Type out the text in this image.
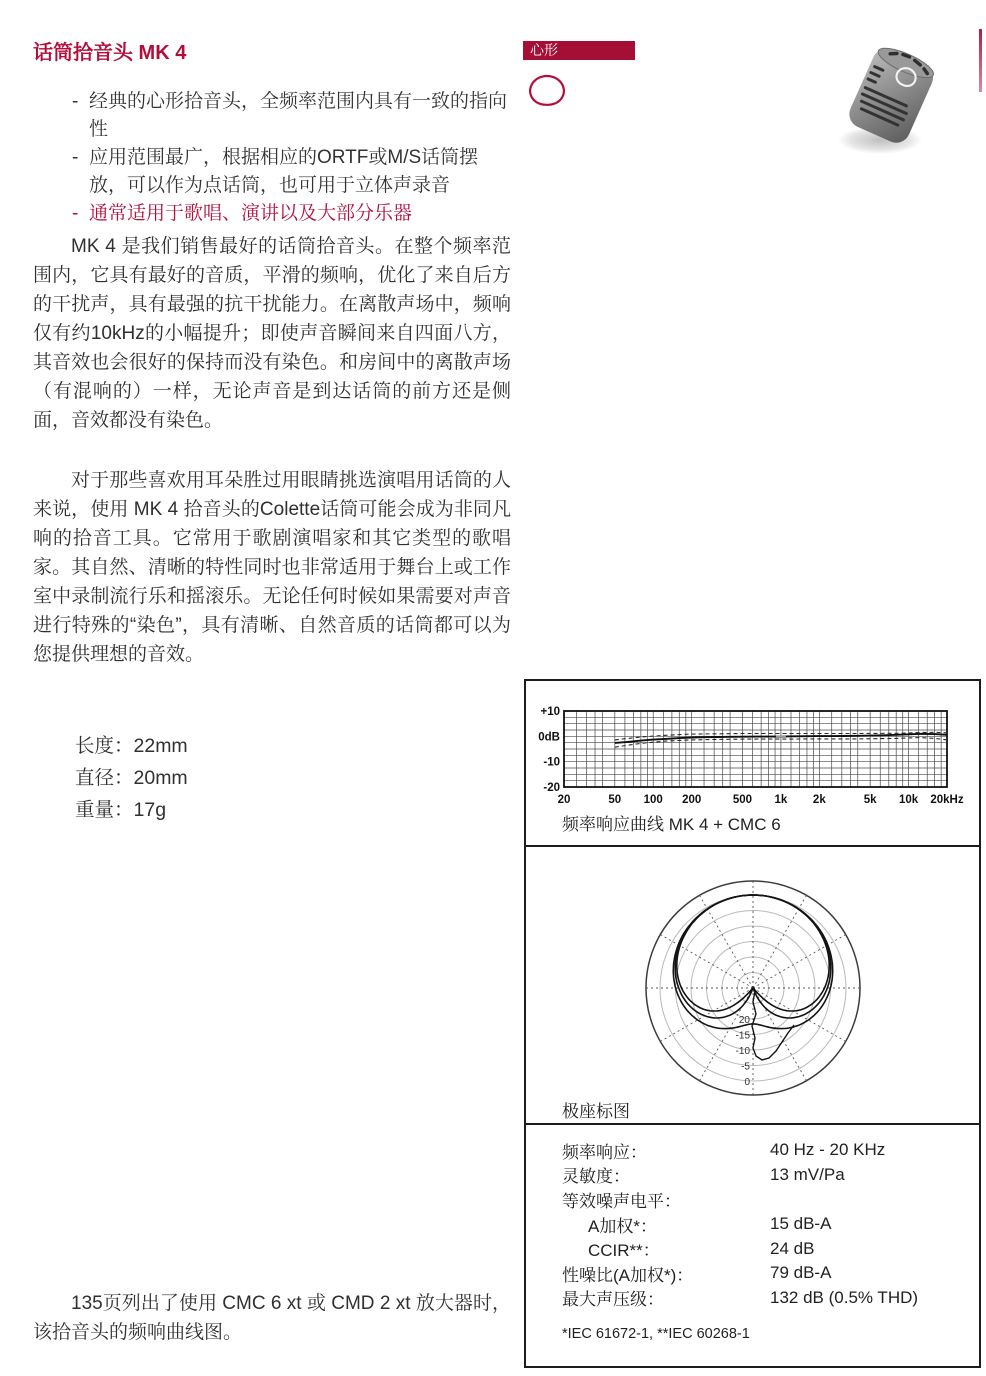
话筒拾音头 MK 4
- 经典的心形拾音头，全频率范围内具有一致的指向性
- 应用范围最广，根据相应的ORTF或M/S话筒摆放，可以作为点话筒，也可用于立体声录音
- 通常适用于歌唱、演讲以及大部分乐器
MK 4 是我们销售最好的话筒拾音头。在整个频率范围内，它具有最好的音质，平滑的频响，优化了来自后方的干扰声，具有最强的抗干扰能力。在离散声场中，频响仅有约10kHz的小幅提升；即使声音瞬间来自四面八方，其音效也会很好的保持而没有染色。和房间中的离散声场（有混响的）一样，无论声音是到达话筒的前方还是侧面，音效都没有染色。
对于那些喜欢用耳朵胜过用眼睛挑选演唱用话筒的人来说，使用 MK 4 拾音头的Colette话筒可能会成为非同凡响的拾音工具。它常用于歌剧演唱家和其它类型的歌唱家。其自然、清晰的特性同时也非常适用于舞台上或工作室中录制流行乐和摇滚乐。无论任何时候如果需要对声音进行特殊的“染色”，具有清晰、自然音质的话筒都可以为您提供理想的音效。
长度：22mm
直径：20mm
重量：17g
135页列出了使用 CMC 6 xt 或 CMD 2 xt 放大器时，该拾音头的频响曲线图。
心形
+10
0dB
-10
-20
20	50 100 200	500 1k 2k	5k 10k 20kHz
频率响应曲线 MK 4 + CMC 6
20
-15
-10
-5
0
极座标图
频率响应：	40 Hz - 20 KHz
灵敏度：	13 mV/Pa
等效噪声电平：
A加权*：	15 dB-A
CCIR**：	24 dB
性噪比(A加权*)：	79 dB-A
最大声压级：	132 dB (0.5% THD)
*IEC 61672-1, **IEC 60268-1
